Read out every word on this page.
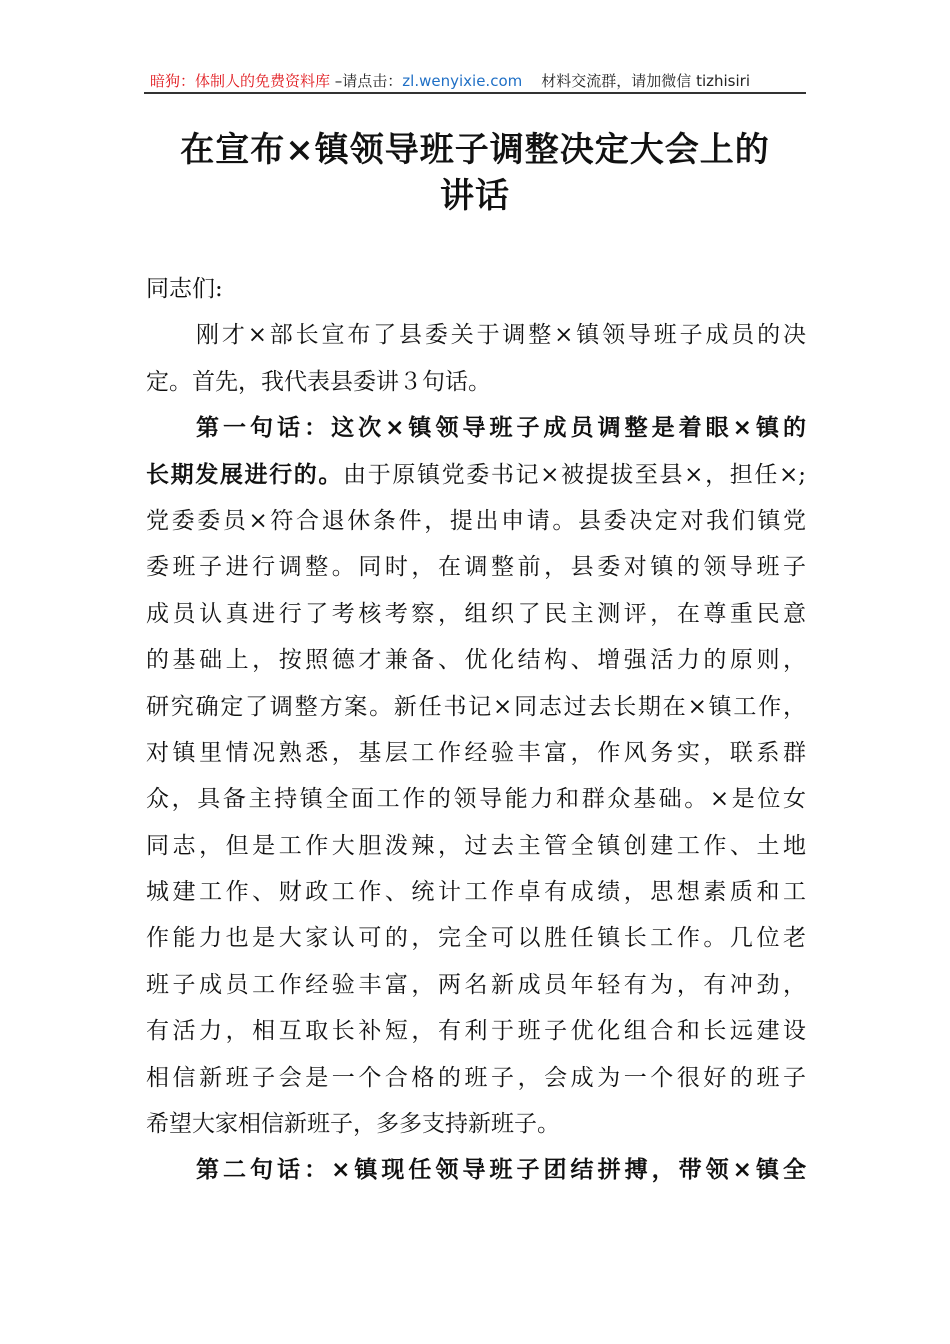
暗狗：体制人的免费资料库 –请点击：zl.wenyixie.com    材料交流群，请加微信 tizhisiri
在宣布×镇领导班子调整决定大会上的
讲话
同志们:
刚才×部长宣布了县委关于调整×镇领导班子成员的决
定。首先，我代表县委讲３句话。
第一句话：这次×镇领导班子成员调整是着眼×镇的
长期发展进行的。由于原镇党委书记×被提拔至县×，担任×;
党委委员×符合退休条件，提出申请。县委决定对我们镇党
委班子进行调整。同时，在调整前，县委对镇的领导班子
成员认真进行了考核考察，组织了民主测评，在尊重民意
的基础上，按照德才兼备、优化结构、增强活力的原则，
研究确定了调整方案。新任书记×同志过去长期在×镇工作，
对镇里情况熟悉，基层工作经验丰富，作风务实，联系群
众，具备主持镇全面工作的领导能力和群众基础。×是位女
同志，但是工作大胆泼辣，过去主管全镇创建工作、土地
城建工作、财政工作、统计工作卓有成绩，思想素质和工
作能力也是大家认可的，完全可以胜任镇长工作。几位老
班子成员工作经验丰富，两名新成员年轻有为，有冲劲，
有活力，相互取长补短，有利于班子优化组合和长远建设
相信新班子会是一个合格的班子，会成为一个很好的班子
希望大家相信新班子，多多支持新班子。
第二句话：×镇现任领导班子团结拼搏，带领×镇全
